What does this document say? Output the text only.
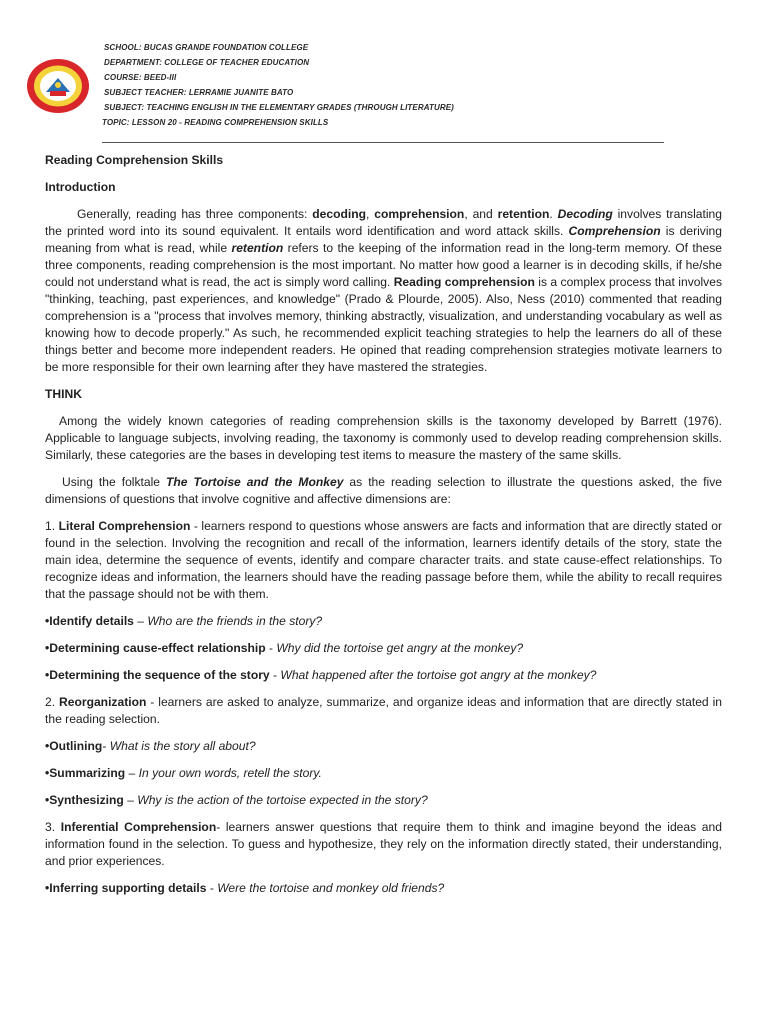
SCHOOL: BUCAS GRANDE FOUNDATION COLLEGE
DEPARTMENT: COLLEGE OF TEACHER EDUCATION
COURSE: BEED-III
SUBJECT TEACHER: LERRAMIE JUANITE BATO
SUBJECT: TEACHING ENGLISH IN THE ELEMENTARY GRADES (THROUGH LITERATURE)
TOPIC: LESSON 20 - READING COMPREHENSION SKILLS

Reading Comprehension Skills

Introduction

Generally, reading has three components: decoding, comprehension, and retention. Decoding involves translating the printed word into its sound equivalent. It entails word identification and word attack skills. Comprehension is deriving meaning from what is read, while retention refers to the keeping of the information read in the long-term memory. Of these three components, reading comprehension is the most important. No matter how good a learner is in decoding skills, if he/she could not understand what is read, the act is simply word calling. Reading comprehension is a complex process that involves "thinking, teaching, past experiences, and knowledge" (Prado & Plourde, 2005). Also, Ness (2010) commented that reading comprehension is a "process that involves memory, thinking abstractly, visualization, and understanding vocabulary as well as knowing how to decode properly." As such, he recommended explicit teaching strategies to help the learners do all of these things better and become more independent readers. He opined that reading comprehension strategies motivate learners to be more responsible for their own learning after they have mastered the strategies.

THINK

Among the widely known categories of reading comprehension skills is the taxonomy developed by Barrett (1976). Applicable to language subjects, involving reading, the taxonomy is commonly used to develop reading comprehension skills. Similarly, these categories are the bases in developing test items to measure the mastery of the same skills.

Using the folktale The Tortoise and the Monkey as the reading selection to illustrate the questions asked, the five dimensions of questions that involve cognitive and affective dimensions are:

1. Literal Comprehension - learners respond to questions whose answers are facts and information that are directly stated or found in the selection. Involving the recognition and recall of the information, learners identify details of the story, state the main idea, determine the sequence of events, identify and compare character traits. and state cause-effect relationships. To recognize ideas and information, the learners should have the reading passage before them, while the ability to recall requires that the passage should not be with them.

•Identify details – Who are the friends in the story?

•Determining cause-effect relationship - Why did the tortoise get angry at the monkey?

•Determining the sequence of the story - What happened after the tortoise got angry at the monkey?

2. Reorganization - learners are asked to analyze, summarize, and organize ideas and information that are directly stated in the reading selection.

•Outlining- What is the story all about?

•Summarizing – In your own words, retell the story.

•Synthesizing – Why is the action of the tortoise expected in the story?

3. Inferential Comprehension- learners answer questions that require them to think and imagine beyond the ideas and information found in the selection. To guess and hypothesize, they rely on the information directly stated, their understanding, and prior experiences.

•Inferring supporting details - Were the tortoise and monkey old friends?
